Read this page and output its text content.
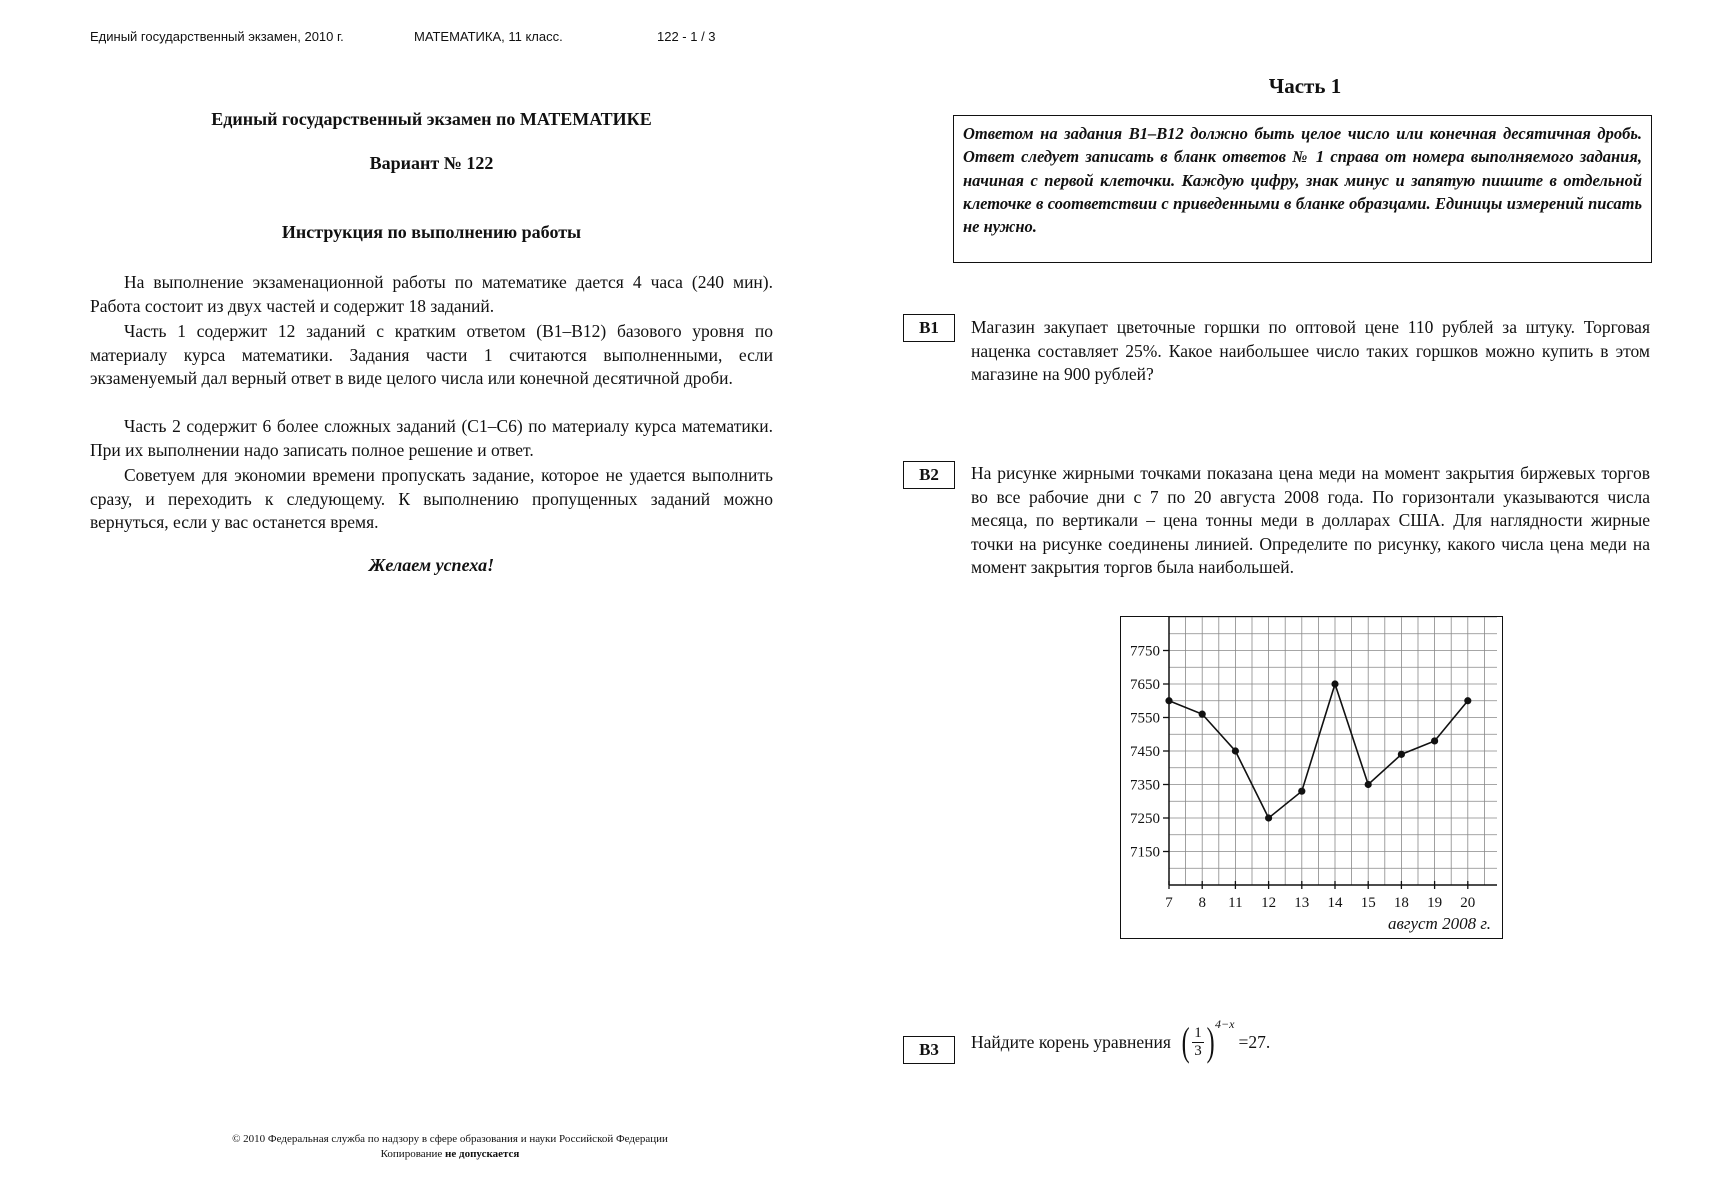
Единый государственный экзамен, 2010 г.	МАТЕМАТИКА, 11 класс.	122 - 1 / 3
Единый государственный экзамен по МАТЕМАТИКЕ
Вариант № 122
Инструкция по выполнению работы

На выполнение экзаменационной работы по математике дается 4 часа (240 мин). Работа состоит из двух частей и содержит 18 заданий.

Часть 1 содержит 12 заданий с кратким ответом (B1–B12) базового уровня по материалу курса математики. Задания части 1 считаются выполненными, если экзаменуемый дал верный ответ в виде целого числа или конечной десятичной дроби.

Часть 2 содержит 6 более сложных заданий (C1–C6) по материалу курса математики. При их выполнении надо записать полное решение и ответ.

Советуем для экономии времени пропускать задание, которое не удается выполнить сразу, и переходить к следующему. К выполнению пропущенных заданий можно вернуться, если у вас останется время.

Желаем успеха!
Часть 1
Ответом на задания B1–B12 должно быть целое число или конечная десятичная дробь. Ответ следует записать в бланк ответов № 1 справа от номера выполняемого задания, начиная с первой клеточки. Каждую цифру, знак минус и запятую пишите в отдельной клеточке в соответствии с приведенными в бланке образцами. Единицы измерений писать не нужно.
B1	Магазин закупает цветочные горшки по оптовой цене 110 рублей за штуку. Торговая наценка составляет 25%. Какое наибольшее число таких горшков можно купить в этом магазине на 900 рублей?

B2	На рисунке жирными точками показана цена меди на момент закрытия биржевых торгов во все рабочие дни с 7 по 20 августа 2008 года. По горизонтали указываются числа месяца, по вертикали – цена тонны меди в долларах США. Для наглядности жирные точки на рисунке соединены линией. Определите по рисунку, какого числа цена меди на момент закрытия торгов была наибольшей.

7750
7650
7550
7450
7350
7250
7150
7 8 11 12 13 14 15 18 19 20
август 2008 г.
B3	Найдите корень уравнения ( $\frac{1}{3}$ ) 4−x
=27.
© 2010 Федеральная служба по надзору в сфере образования и науки Российской Федерации
Копирование не допускается
